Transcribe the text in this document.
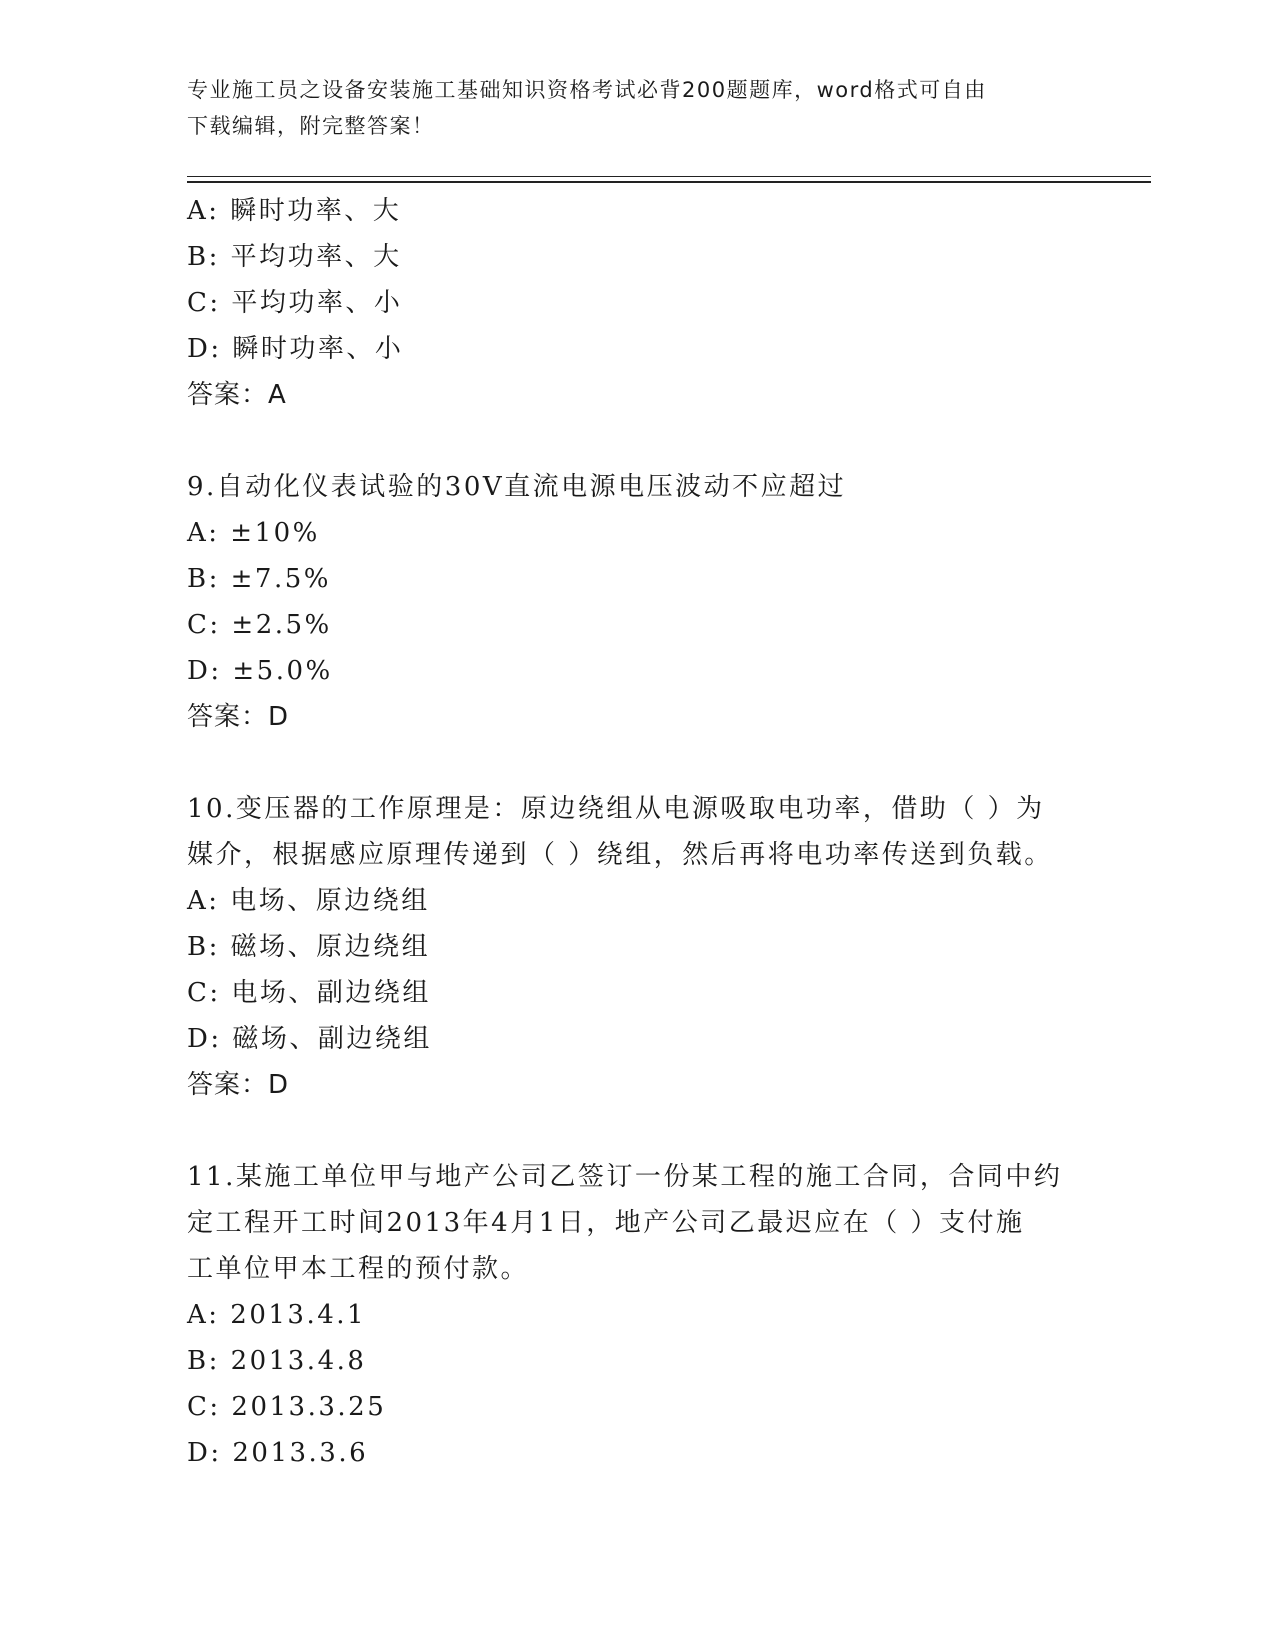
专业施工员之设备安装施工基础知识资格考试必背200题题库，word格式可自由
下载编辑，附完整答案！
A: 瞬时功率、大
B: 平均功率、大
C: 平均功率、小
D: 瞬时功率、小
答案：A
9.自动化仪表试验的30V直流电源电压波动不应超过
A: ±10%
B: ±7.5%
C: ±2.5%
D: ±5.0%
答案：D
10.变压器的工作原理是：原边绕组从电源吸取电功率，借助（ ）为
媒介，根据感应原理传递到（ ）绕组，然后再将电功率传送到负载。
A: 电场、原边绕组
B: 磁场、原边绕组
C: 电场、副边绕组
D: 磁场、副边绕组
答案：D
11.某施工单位甲与地产公司乙签订一份某工程的施工合同，合同中约
定工程开工时间2013年4月1日，地产公司乙最迟应在（ ）支付施
工单位甲本工程的预付款。
A: 2013.4.1
B: 2013.4.8
C: 2013.3.25
D: 2013.3.6
